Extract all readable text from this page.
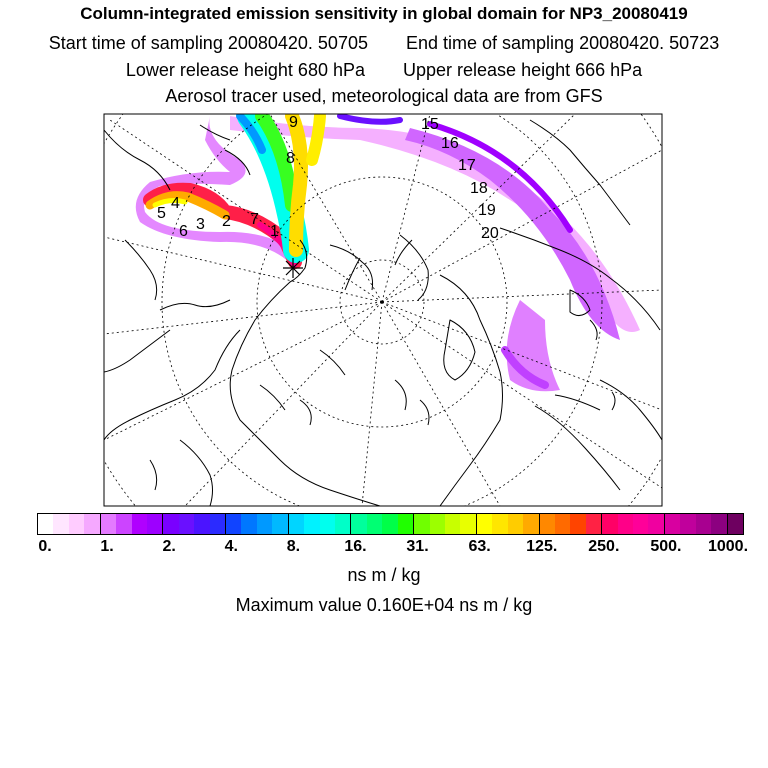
Column-integrated emission sensitivity in global domain for NP3_20080419
Start time of sampling 20080420. 50705 End time of sampling 20080420. 50723
Lower release height 680 hPa Upper release height 666 hPa
Aerosol tracer used, meteorological data are from GFS
1
2
3
4
5
6
7
8
9	15
16
17
18
19
20
0.	1.	2.	4.	8.	16. 31. 63. 125. 250. 500. 1000.
ns m / kg
Maximum value 0.160E+04 ns m / kg
